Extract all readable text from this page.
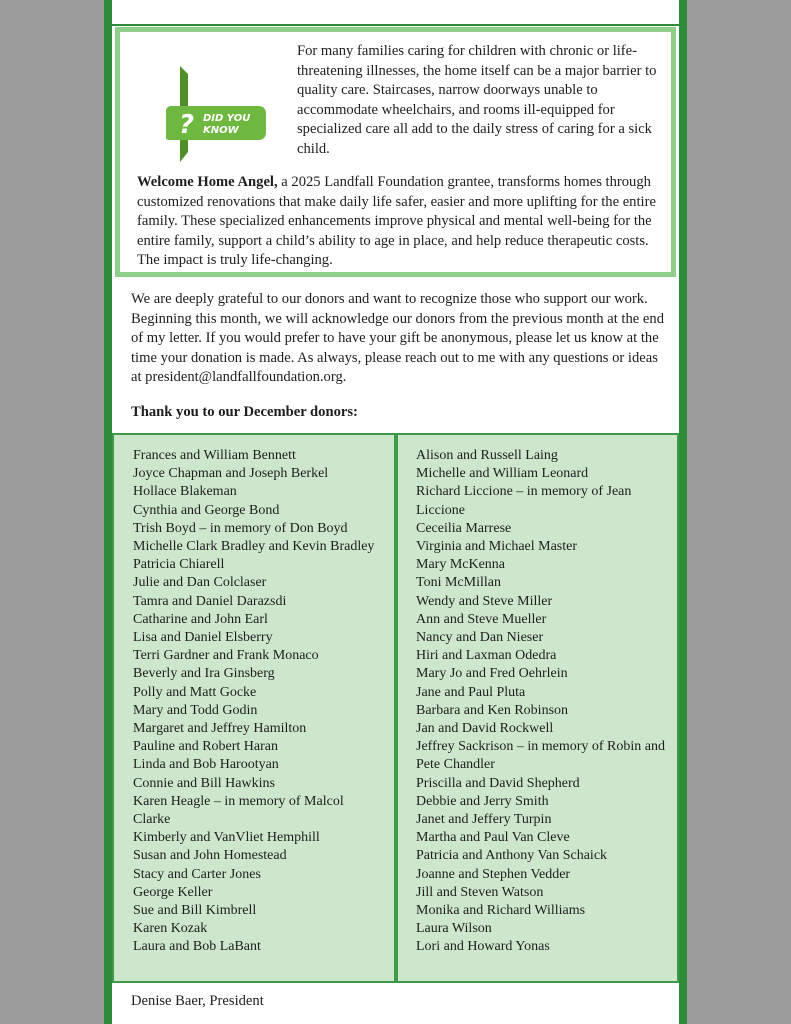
? DID YOU
KNOW
For many families caring for children with chronic or life-threatening illnesses, the home itself can be a major barrier to quality care. Staircases, narrow doorways unable to accommodate wheelchairs, and rooms ill-equipped for specialized care all add to the daily stress of caring for a sick child.
Welcome Home Angel, a 2025 Landfall Foundation grantee, transforms homes through customized renovations that make daily life safer, easier and more uplifting for the entire family. These specialized enhancements improve physical and mental well-being for the entire family, support a child’s ability to age in place, and help reduce therapeutic costs. The impact is truly life-changing.
We are deeply grateful to our donors and want to recognize those who support our work. Beginning this month, we will acknowledge our donors from the previous month at the end of my letter. If you would prefer to have your gift be anonymous, please let us know at the time your donation is made. As always, please reach out to me with any questions or ideas at president@landfallfoundation.org.
Thank you to our December donors:
Frances and William Bennett
Joyce Chapman and Joseph Berkel
Hollace Blakeman
Cynthia and George Bond
Trish Boyd – in memory of Don Boyd
Michelle Clark Bradley and Kevin Bradley
Patricia Chiarell
Julie and Dan Colclaser
Tamra and Daniel Darazsdi
Catharine and John Earl
Lisa and Daniel Elsberry
Terri Gardner and Frank Monaco
Beverly and Ira Ginsberg
Polly and Matt Gocke
Mary and Todd Godin
Margaret and Jeffrey Hamilton
Pauline and Robert Haran
Linda and Bob Harootyan
Connie and Bill Hawkins
Karen Heagle – in memory of Malcol Clarke
Kimberly and VanVliet Hemphill
Susan and John Homestead
Stacy and Carter Jones
George Keller
Sue and Bill Kimbrell
Karen Kozak
Laura and Bob LaBant
Alison and Russell Laing
Michelle and William Leonard
Richard Liccione – in memory of Jean Liccione
Ceceilia Marrese
Virginia and Michael Master
Mary McKenna
Toni McMillan
Wendy and Steve Miller
Ann and Steve Mueller
Nancy and Dan Nieser
Hiri and Laxman Odedra
Mary Jo and Fred Oehrlein
Jane and Paul Pluta
Barbara and Ken Robinson
Jan and David Rockwell
Jeffrey Sackrison – in memory of Robin and Pete Chandler
Priscilla and David Shepherd
Debbie and Jerry Smith
Janet and Jeffery Turpin
Martha and Paul Van Cleve
Patricia and Anthony Van Schaick
Joanne and Stephen Vedder
Jill and Steven Watson
Monika and Richard Williams
Laura Wilson
Lori and Howard Yonas
Denise Baer, President
